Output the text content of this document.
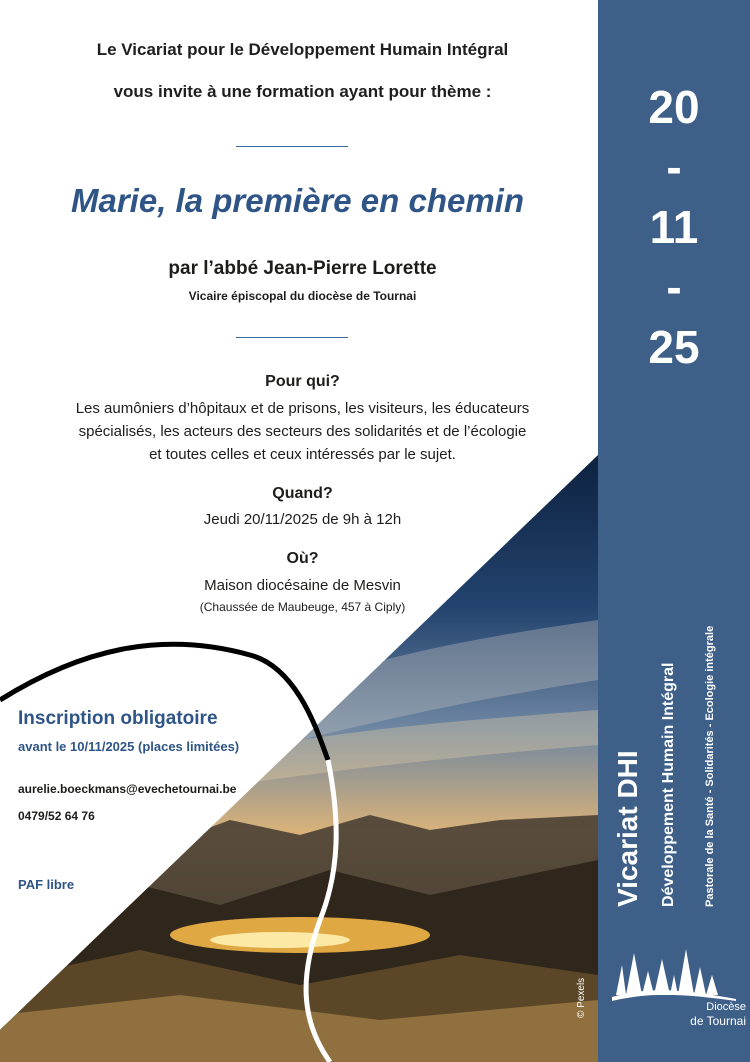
Le Vicariat pour le Développement Humain Intégral
vous invite à une formation ayant pour thème :
Marie, la première en chemin
par l’abbé Jean-Pierre Lorette
Vicaire épiscopal du diocèse de Tournai
Pour qui?
Les aumôniers d’hôpitaux et de prisons, les visiteurs, les éducateurs
spécialisés, les acteurs des secteurs des solidarités et de l’écologie
et toutes celles et ceux intéressés par le sujet.
Quand?
Jeudi 20/11/2025 de 9h à 12h
Où?
Maison diocésaine de Mesvin
(Chaussée de Maubeuge, 457 à Ciply)
Inscription obligatoire
avant le 10/11/2025 (places limitées)
aurelie.boeckmans@evechetournai.be
0479/52 64 76
PAF libre
© Pexels
20
-
11
-
25
Vicariat DHI Développement Humain Intégral Pastorale de la Santé - Solidarités - Ecologie intégrale
Diocèse
de Tournai
